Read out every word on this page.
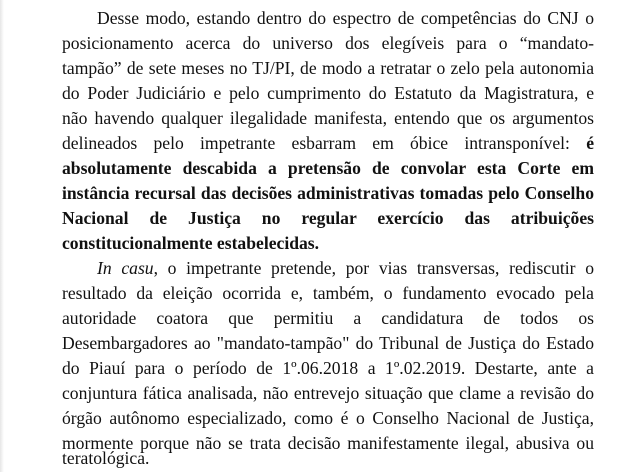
Desse modo, estando dentro do espectro de competências do CNJ o

posicionamento acerca do universo dos elegíveis para o “mandato-

tampão” de sete meses no TJ/PI, de modo a retratar o zelo pela autonomia

do Poder Judiciário e pelo cumprimento do Estatuto da Magistratura, e

não havendo qualquer ilegalidade manifesta, entendo que os argumentos

delineados pelo impetrante esbarram em óbice intransponível: é

absolutamente descabida a pretensão de convolar esta Corte em

instância recursal das decisões administrativas tomadas pelo Conselho

Nacional de Justiça no regular exercício das atribuições

constitucionalmente estabelecidas.

In casu, o impetrante pretende, por vias transversas, rediscutir o

resultado da eleição ocorrida e, também, o fundamento evocado pela

autoridade coatora que permitiu a candidatura de todos os

Desembargadores ao "mandato-tampão" do Tribunal de Justiça do Estado

do Piauí para o período de 1º.06.2018 a 1º.02.2019. Destarte, ante a

conjuntura fática analisada, não entrevejo situação que clame a revisão do

órgão autônomo especializado, como é o Conselho Nacional de Justiça,

mormente porque não se trata decisão manifestamente ilegal, abusiva ou

teratológica.
